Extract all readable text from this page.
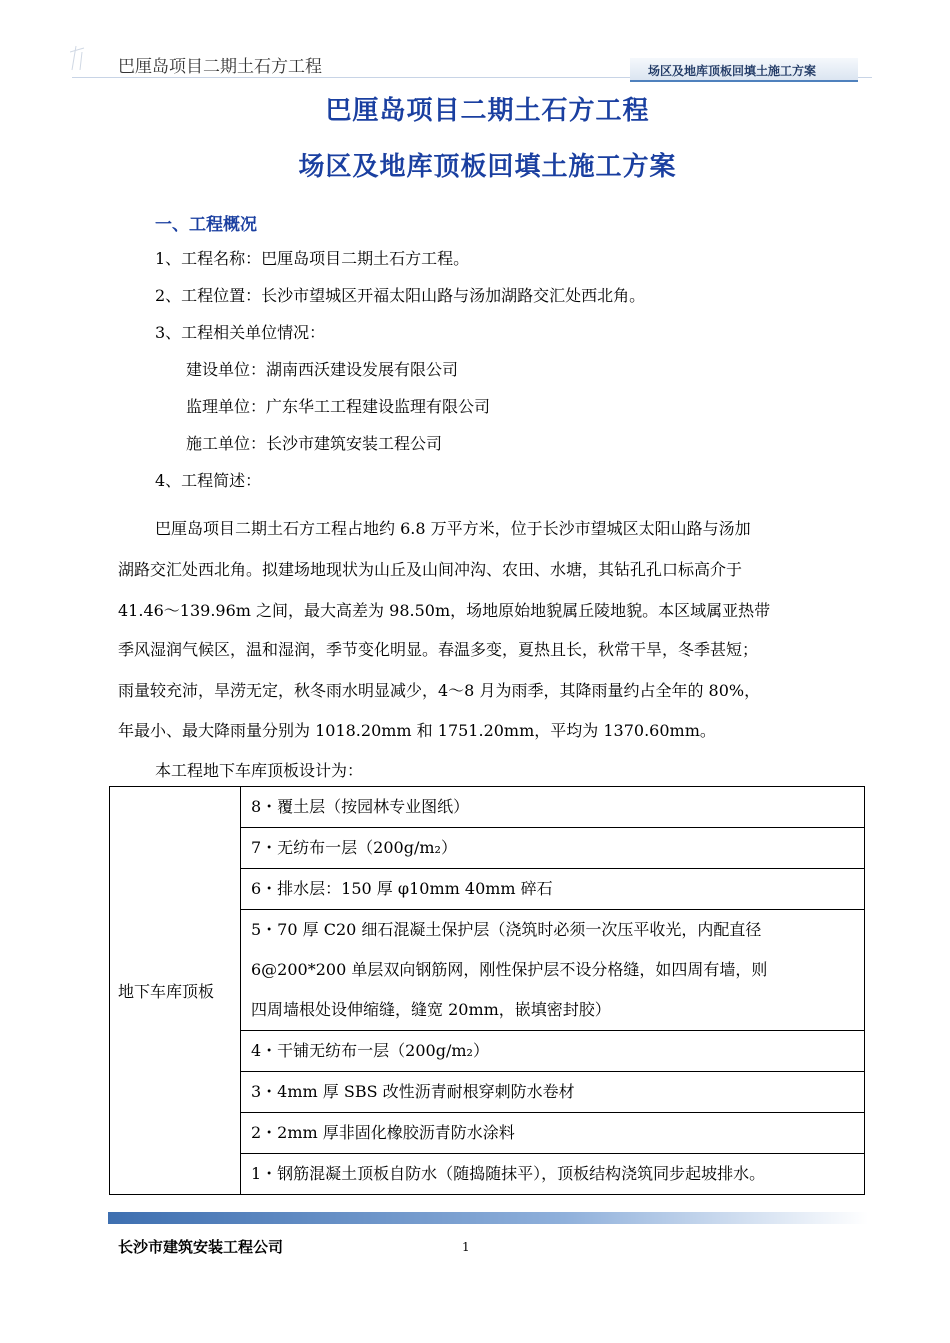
巴厘岛项目二期土石方工程	场区及地库顶板回填土施工方案
巴厘岛项目二期土石方工程
场区及地库顶板回填土施工方案
一、工程概况
1、工程名称：巴厘岛项目二期土石方工程。
2、工程位置：长沙市望城区开福太阳山路与汤加湖路交汇处西北角。
3、工程相关单位情况：
建设单位：湖南西沃建设发展有限公司
监理单位：广东华工工程建设监理有限公司
施工单位：长沙市建筑安装工程公司
4、工程简述：
巴厘岛项目二期土石方工程占地约 6.8 万平方米，位于长沙市望城区太阳山路与汤加
湖路交汇处西北角。拟建场地现状为山丘及山间冲沟、农田、水塘，其钻孔孔口标高介于
41.46～139.96m 之间，最大高差为 98.50m，场地原始地貌属丘陵地貌。本区域属亚热带
季风湿润气候区，温和湿润，季节变化明显。春温多变，夏热且长，秋常干旱，冬季甚短；
雨量较充沛，旱涝无定，秋冬雨水明显减少，4～8 月为雨季，其降雨量约占全年的 80%，
年最小、最大降雨量分别为 1018.20mm 和 1751.20mm，平均为 1370.60mm。
本工程地下车库顶板设计为：
地下车库顶板	8・覆土层（按园林专业图纸）
7・无纺布一层（200g/m₂）
6・排水层：150 厚 φ10mm 40mm 碎石

5・70 厚 C20 细石混凝土保护层（浇筑时必须一次压平收光，内配直径
6@200*200 单层双向钢筋网，刚性保护层不设分格缝，如四周有墙，则
四周墙根处设伸缩缝，缝宽 20mm，嵌填密封胶）

4・干铺无纺布一层（200g/m₂）
3・4mm 厚 SBS 改性沥青耐根穿刺防水卷材
2・2mm 厚非固化橡胶沥青防水涂料
1・钢筋混凝土顶板自防水（随捣随抹平），顶板结构浇筑同步起坡排水。
长沙市建筑安装工程公司	1
